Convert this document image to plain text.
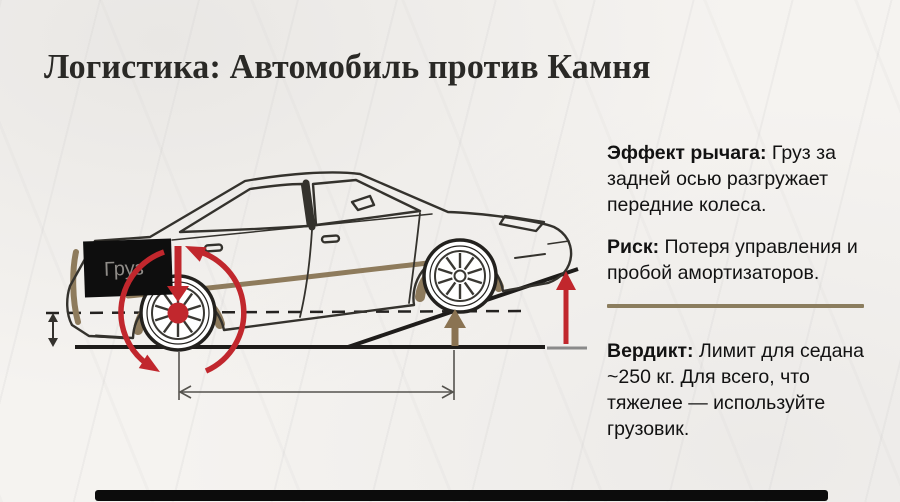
Логистика: Автомобиль против Камня
Груз

Эффект рычага: Груз за задней осью разгружает передние колеса.

Риск: Потеря управления и пробой амортизаторов.

Вердикт: Лимит для седана ~250 кг. Для всего, что тяжелее — используйте грузовик.
